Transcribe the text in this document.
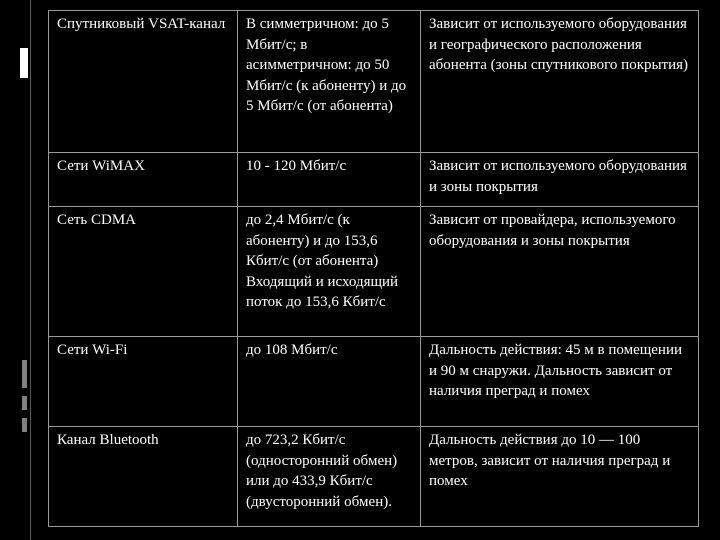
Спутниковый VSAT-канал	В симметричном: до 5 Мбит/с; в асимметричном: до 50 Мбит/с (к абоненту) и до 5 Мбит/с (от абонента)	Зависит от используемого оборудования и географического расположения абонента (зоны спутникового покрытия)
Сети WiMAX	10 - 120 Мбит/с	Зависит от используемого оборудования и зоны покрытия
Сеть CDMA	до 2,4 Мбит/с (к абоненту) и до 153,6 Кбит/с (от абонента) Входящий и исходящий поток до 153,6 Кбит/с	Зависит от провайдера, используемого оборудования и зоны покрытия
Сети Wi-Fi	до 108 Мбит/с	Дальность действия: 45 м в помещении и 90 м снаружи. Дальность зависит от наличия преград и помех
Канал Bluetooth	до 723,2 Кбит/с (односторонний обмен) или до 433,9 Кбит/с (двусторонний обмен).	Дальность действия до 10 — 100 метров, зависит от наличия преград и помех
